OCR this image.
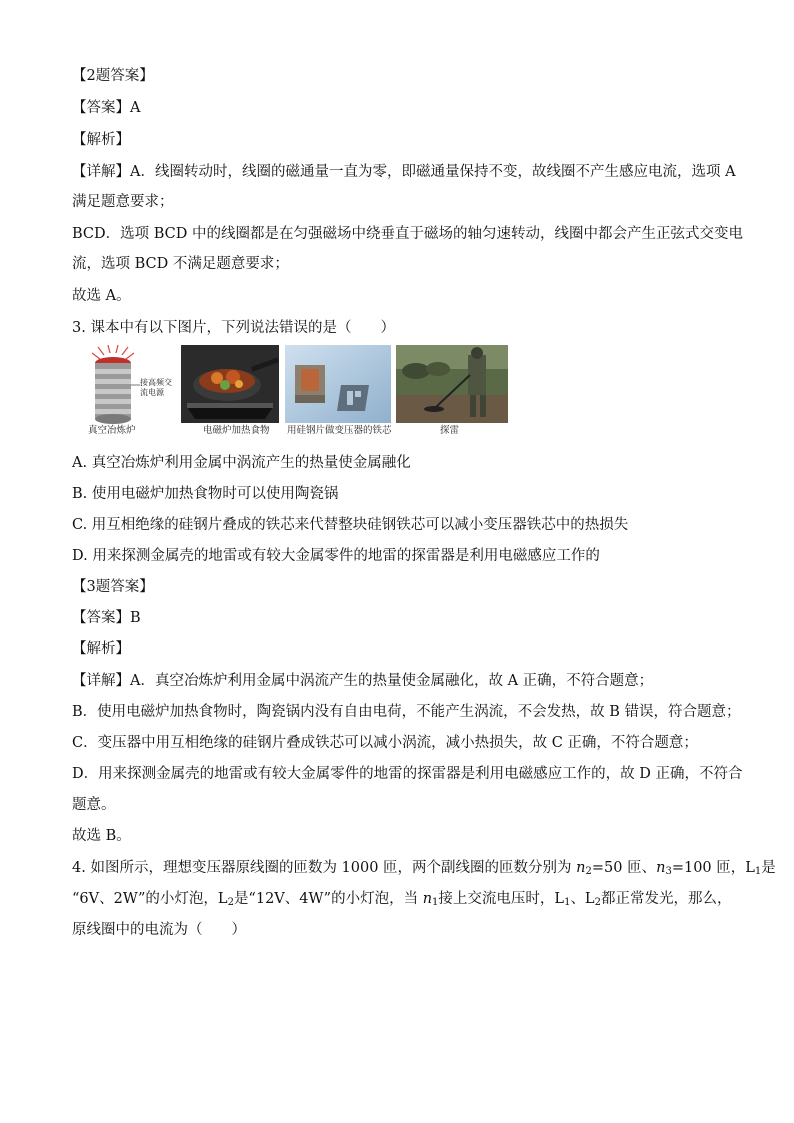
【2题答案】
【答案】A
【解析】
【详解】A．线圈转动时，线圈的磁通量一直为零，即磁通量保持不变，故线圈不产生感应电流，选项 A
满足题意要求；
BCD．选项 BCD 中的线圈都是在匀强磁场中绕垂直于磁场的轴匀速转动，线圈中都会产生正弦式交变电
流，选项 BCD 不满足题意要求；
故选 A。
3. 课本中有以下图片，下列说法错误的是（　　）
接高频交流电源
真空冶炼炉	电磁炉加热食物 用硅钢片做变压器的铁芯	探雷
A. 真空冶炼炉利用金属中涡流产生的热量使金属融化
B. 使用电磁炉加热食物时可以使用陶瓷锅
C. 用互相绝缘的硅钢片叠成的铁芯来代替整块硅钢铁芯可以减小变压器铁芯中的热损失
D. 用来探测金属壳的地雷或有较大金属零件的地雷的探雷器是利用电磁感应工作的
【3题答案】
【答案】B
【解析】
【详解】A．真空冶炼炉利用金属中涡流产生的热量使金属融化，故 A 正确，不符合题意；
B．使用电磁炉加热食物时，陶瓷锅内没有自由电荷，不能产生涡流，不会发热，故 B 错误，符合题意；
C．变压器中用互相绝缘的硅钢片叠成铁芯可以减小涡流，减小热损失，故 C 正确，不符合题意；
D．用来探测金属壳的地雷或有较大金属零件的地雷的探雷器是利用电磁感应工作的，故 D 正确，不符合
题意。
故选 B。
4. 如图所示，理想变压器原线圈的匝数为 1000 匝，两个副线圈的匝数分别为 $n_2=50$ 匝、$n_3=100$ 匝，$L_1$是
“6V、2W”的小灯泡，$L_2$是“12V、4W”的小灯泡，当 $n_1$接上交流电压时，$L_1$、$L_2$都正常发光，那么，
原线圈中的电流为（　　）
